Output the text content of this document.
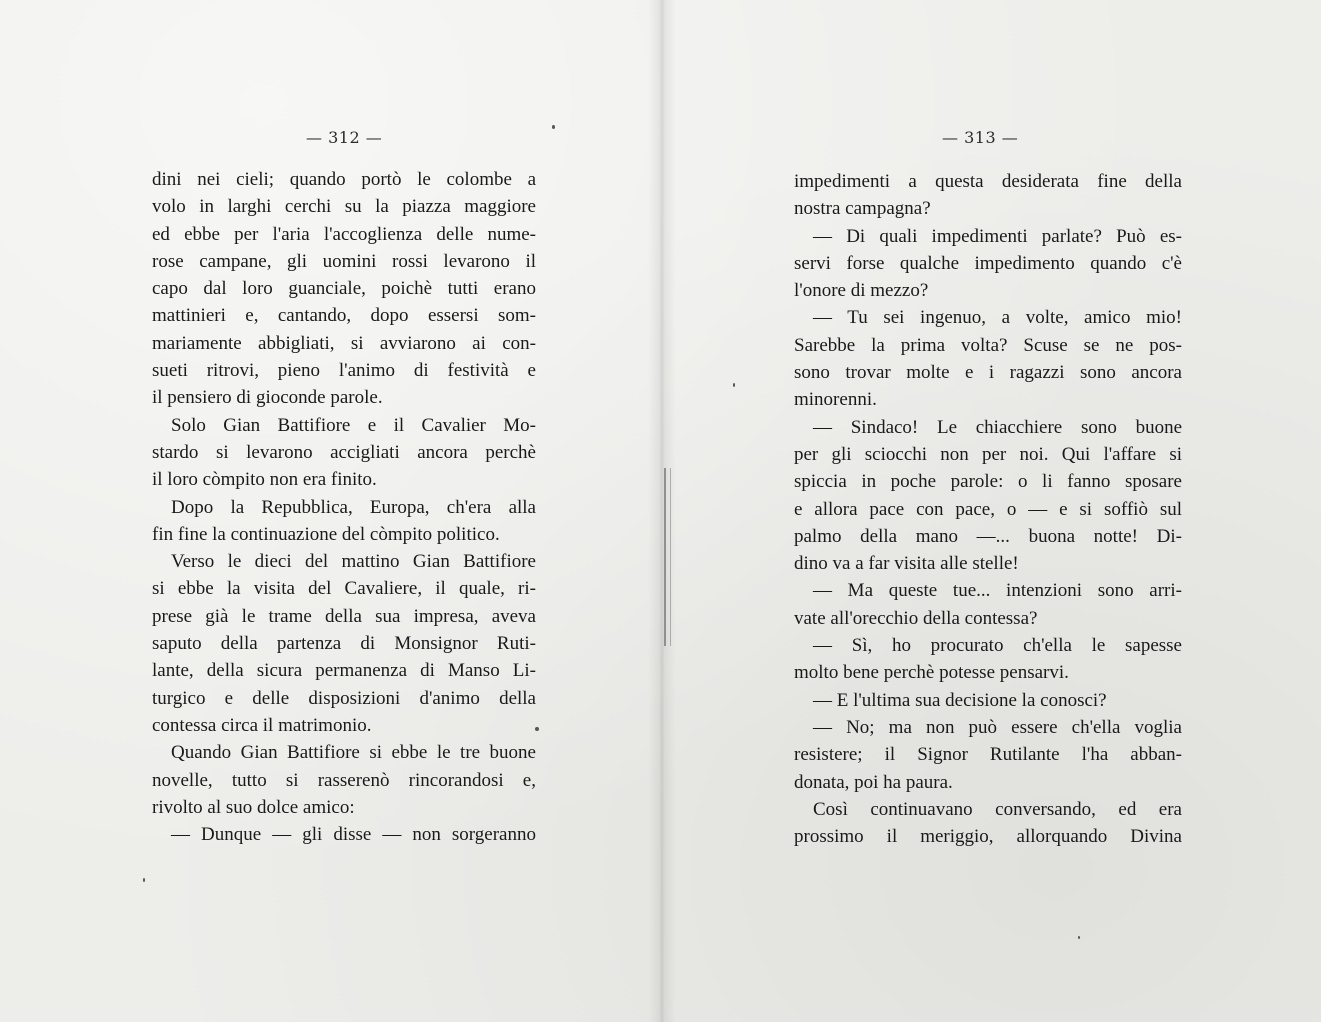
— 312 —
dini nei cieli; quando portò le colombe a
volo in larghi cerchi su la piazza maggiore
ed ebbe per l'aria l'accoglienza delle nume-
rose campane, gli uomini rossi levarono il
capo dal loro guanciale, poichè tutti erano
mattinieri e, cantando, dopo essersi som-
mariamente abbigliati, si avviarono ai con-
sueti ritrovi, pieno l'animo di festività e
il pensiero di gioconde parole.
Solo Gian Battifiore e il Cavalier Mo-
stardo si levarono accigliati ancora perchè
il loro còmpito non era finito.
Dopo la Repubblica, Europa, ch'era alla
fin fine la continuazione del còmpito politico.
Verso le dieci del mattino Gian Battifiore
si ebbe la visita del Cavaliere, il quale, ri-
prese già le trame della sua impresa, aveva
saputo della partenza di Monsignor Ruti-
lante, della sicura permanenza di Manso Li-
turgico e delle disposizioni d'animo della
contessa circa il matrimonio.
Quando Gian Battifiore si ebbe le tre buone
novelle, tutto si rasserenò rincorandosi e,
rivolto al suo dolce amico:
— Dunque — gli disse — non sorgeranno
— 313 —
impedimenti a questa desiderata fine della
nostra campagna?
— Di quali impedimenti parlate? Può es-
servi forse qualche impedimento quando c'è
l'onore di mezzo?
— Tu sei ingenuo, a volte, amico mio!
Sarebbe la prima volta? Scuse se ne pos-
sono trovar molte e i ragazzi sono ancora
minorenni.
— Sindaco! Le chiacchiere sono buone
per gli sciocchi non per noi. Qui l'affare si
spiccia in poche parole: o li fanno sposare
e allora pace con pace, o — e si soffiò sul
palmo della mano —... buona notte! Di-
dino va a far visita alle stelle!
— Ma queste tue... intenzioni sono arri-
vate all'orecchio della contessa?
— Sì, ho procurato ch'ella le sapesse
molto bene perchè potesse pensarvi.
— E l'ultima sua decisione la conosci?
— No; ma non può essere ch'ella voglia
resistere; il Signor Rutilante l'ha abban-
donata, poi ha paura.
Così continuavano conversando, ed era
prossimo il meriggio, allorquando Divina
